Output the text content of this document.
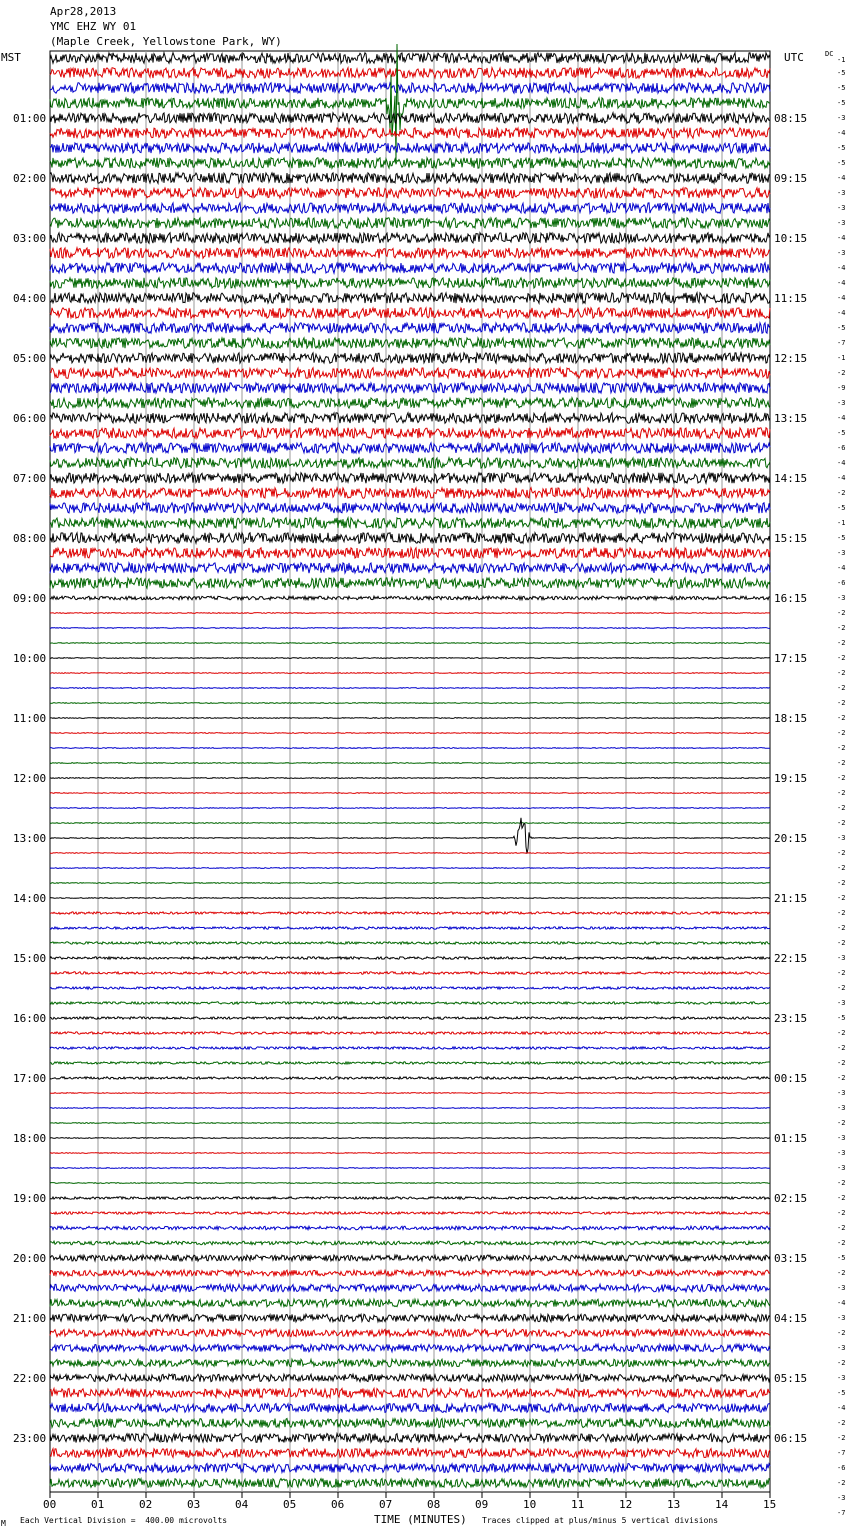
Apr28,2013
YMC EHZ WY 01
(Maple Creek, Yellowstone Park, WY)
MST	UTC	DC
00	01	02	03	04	05	06	07	08	09	10	11	12	13	14	15
01:00
02:00
03:00
04:00
05:00
06:00
07:00
08:00
09:00
10:00
11:00
12:00
13:00
14:00
15:00
16:00
17:00
18:00
19:00
20:00
21:00
22:00
23:00
08:15
09:15
10:15
11:15
12:15
13:15
14:15
15:15
16:15
17:15
18:15
19:15
20:15
21:15
22:15
23:15
00:15
01:15
02:15
03:15
04:15
05:15
06:15
-1
-5
-5
-5
-3
-4
-5
-5
-4
-3
-3
-3
-4
-3
-4
-4
-4
-4
-5
-7
-1
-2
-9
-3
-4
-5
-6
-4
-4
-2
-5
-1
-5
-3
-4
-6
-3
-2
-2
-2
-2
-2
-2
-2
-2
-2
-2
-2
-2
-2
-2
-2
-3
-2
-2
-2
-2
-2
-2
-2
-3
-2
-2
-3
-5
-2
-2
-2
-2
-3
-3
-2
-3
-3
-3
-2
-2
-2
-2
-2
-5
-2
-3
-4
-3
-2
-3
-2
-3
-5
-4
-2
-2
-7
-6
-2
-3
-7
M Each Vertical Division =  400.00 microvolts	TIME (MINUTES) Traces clipped at plus/minus 5 vertical divisions
